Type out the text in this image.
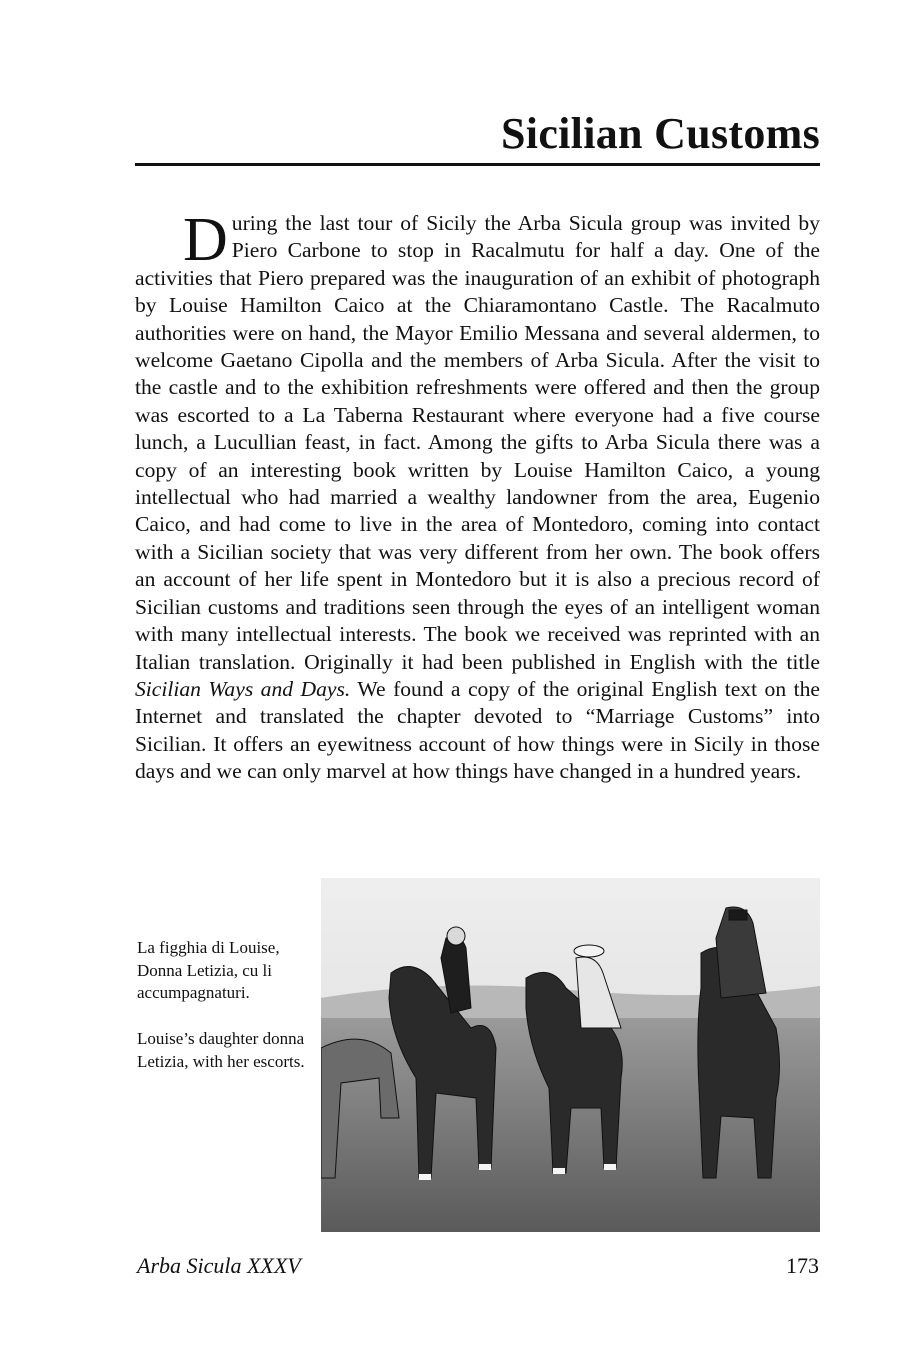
Sicilian Customs

During the last tour of Sicily the Arba Sicula group was invited by Piero Carbone to stop in Racalmutu for half a day. One of the activities that Piero prepared was the inauguration of an exhibit of photograph by Louise Hamilton Caico at the Chiaramontano Castle. The Racalmuto authorities were on hand, the Mayor Emilio Messana and several aldermen, to welcome Gaetano Cipolla and the members of Arba Sicula. After the visit to the castle and to the exhibition refreshments were offered and then the group was escorted to a La Taberna Restaurant where everyone had a five course lunch, a Lucullian feast, in fact. Among the gifts to Arba Sicula there was a copy of an interesting book written by Louise Hamilton Caico, a young intellectual who had married a wealthy landowner from the area, Eugenio Caico, and had come to live in the area of Montedoro, coming into contact with a Sicilian society that was very different from her own. The book offers an account of her life spent in Montedoro but it is also a precious record of Sicilian customs and traditions seen through the eyes of an intelligent woman with many intellectual interests. The book we received was reprinted with an Italian translation. Originally it had been published in English with the title Sicilian Ways and Days. We found a copy of the original English text on the Internet and translated the chapter devoted to “Marriage Customs” into Sicilian. It offers an eyewitness account of how things were in Sicily in those days and we can only marvel at how things have changed in a hundred years.

La figghia di Louise, Donna Letizia, cu li accumpagnaturi.
Louise’s daughter donna Letizia, with her escorts.
Arba Sicula XXXV	173
